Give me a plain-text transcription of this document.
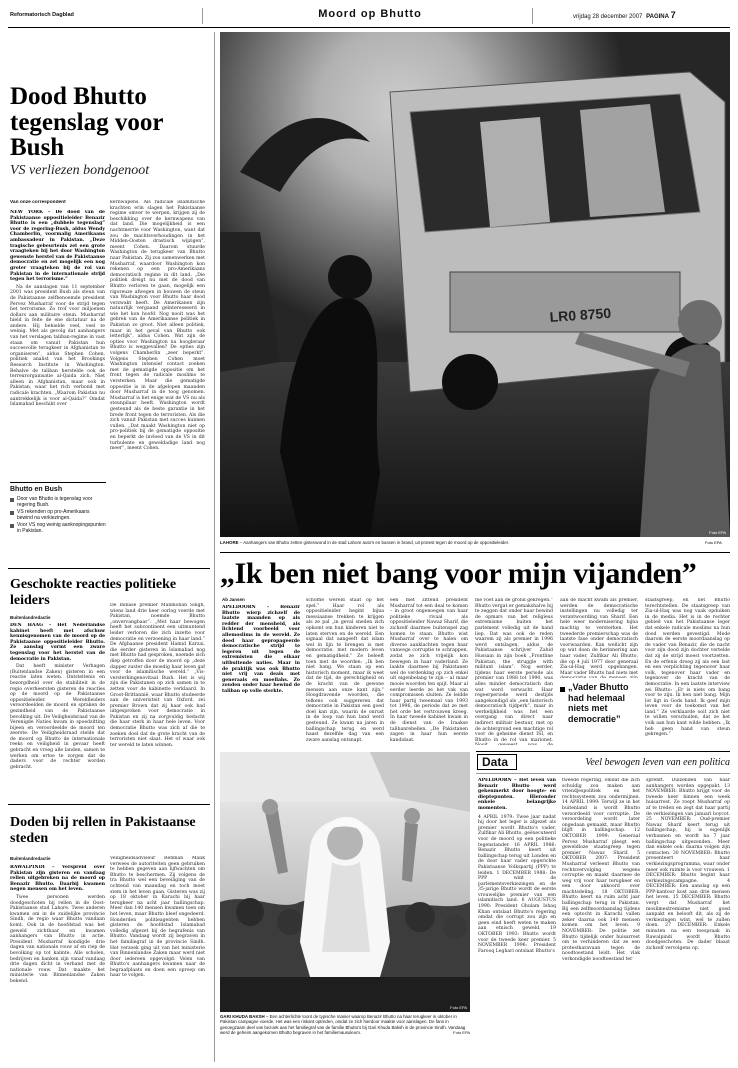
Reformatorisch Dagblad	Moord op Bhutto	vrijdag 28 december 2007 PAGINA 7
Dood Bhutto tegenslag voor Bush
VS verliezen bondgenoot
Van onze correspondent
NEW YORK – De dood van de Pakistaanse oppositieleider Benazir Bhutto is een „dubbele tegenslag” voor de regering-Bush, aldus Wendy Chamberlin, voormalig Amerikaans ambassadeur in Pakistan. „Deze tragische gebeurtenis zet een grote vraagteken bij het door Washington gewenste herstel van de Pakistaanse democratie en zet mogelijk een nog groter vraagteken bij de rol van Pakistan in de internationale strijd tegen het terrorisme.”
Na de aanslagen van 11 september 2001 was president Bush als steun van de Pakistaanse zelfbenoemde president Pervez Musharraf voor de strijd tegen het terrorisme. Zo trof voor miljoenen dollars aan militaire steun. Musharraf hield in feite de ene dictatuur na de andere. Hij behielde veel, veel te weinig. Met als gevolg dat aanhangers van het verslagen taliban-regime in vast staan om vanuit Pakistan hun succesvolle terugkeer in Afghanistan te organiseren”, aldus Stephen Cohen, politiek analist van het Brookings Research Institute in Washington. Behalve de taliban herstelde ook de terreurorganisatie al-Qaida zich. Niet alleen in Afghanistan, maar ook in Pakistan, waar het rich verbond met radicale krachten. „Waarom Pakistan nu aantrekkelijk is voor al-Qaida?” Omdat Islamabad beschikt over
kernwapens. Als radicale islamitische krachten erin slagen het Pakistaanse regime omver te werpen, krijgen zij de beschikking over de kernwapens van dat land. Die mogelijkheid is een nachtmerrie voor Washington, want dat zou de machtsverhoudingen in het Midden-Oosten drastisch wijzigen”, meent Cohen. Daarom stuurde Washington de terugkeer van Bhutto naar Pakistan. Zij zou samenwerken met Musharraf, waardoor Washington kon rekenen op een pro-Amerikaans democratisch regime in dit land. „Die politiek dreigt nu met de dood van Bhutto verloren te gaan, mogelijk een rigoreuze afwegen in bouwen de steun van Washington voor Bhutto haar dood verzwakt heeft. De Amerikanen zijn natuurlijk vergaand geïnteresseerd in wie het kon hoofd. Nog nooit was het gebrek van de Amerikaanse politiek in Pakistan zo groot. Niet alleen politiek, maar in het geval van Bhutto ook letterlijk”, aldus Cohen. Wat zijn de opties voor Washington nu hoogleraar Bhutto is weggevallen? De opties zijn volgens Chamberlin „zeer beperkt”. Volgens Stephen Cohen moet Washington intensief contact zoeken met de gematigde oppositie om het front tegen de radicale moslims te versterken. Maar die gematigde oppositie is in de afgelopen maanden door Musharraf in de toog genomen. Musharraf is het enige wat de VS nu als steunpilaar heeft. Washington wordt gesteund als de beste garantie in het brede front tegen de terroristen. Als die zich vanuit Pakistan met succes kunnen vullen. „Dat maakt Washington niet op pro-politiek bij de gematigde oppositie en beperkt de invloed van de VS in dit turbulente en geweldadige land nog meer”, meent Cohen.
LR0 8750
Foto EPA
LAHORE – Aanhangers van Bhutto zetten gisteravond in de stad Lahore auto's en bussen in brand, uit protest tegen de moord op de oppositieleider.	Foto EPA
Bhutto en Bush
Door van Bhutto is tegenslag voor regering Bush.
VS rekenden op pro-Amerikaans bewind na verkiezingen.
Voor VS nog weinig aanknopingspunten in Pakistan.
Geschokte reacties politieke leiders
Buitenlandredactie
DEN HAAG – Het Nederlandse kabinet heeft met afschuw kennisgenomen van de moord op de Pakistaanse oppositieleider Bhutto. Ze aanslag vormt een zware tegenslag voor het herstel van de democratie in Pakistan.
Dat heeft minister Verhagen (Buitenlandse Zaken) gisteren in een reactie laten weten. Ontsteltenis en bezorgdheid over de stabiliteit in de regio overheersten gisteren de reacties op de moord op de Pakistaanse oppositieleider. Wereldleiders veroordeelden de moord en spraken de gezindheid van de Pakistaanse bevolking uit. De Veiligheidsraad van de Verenigde Naties kwam in spoedzitting bijeen en veroordeelde de moord ten zeerste. De Veiligheidsraad stelde dat de moord op Bhutto de internationale reeks en veiligheid in gevaar heeft gebracht en vroeg alle landen, samen te werken om ertoe te zorgen dat de daders voor de rechter worden gebracht.
De Indiase premier Manmohan Singh, wiens land drie keer oorlog voerde met Pakistan, noemde Bhutto „onvervangbaar”. „Met haar bewogen heeft het subcontinent een uitmuntend leider verloren die zich inzette voor democratie en verzoening in haar land.” De Afghaanse president Hamid Karzai, die eerder gisteren in Islamabad nog met Bhutto had gesproken, noemde zich diep getroffen door de moord op „deze dapper zuster die moedig haar leven gaf voor de islamitische wereld.” „Vis-versterkingenovitaal Bush. Het is wij zijn die Pakistanen op zich samen in te zetten voor de kabinette verklaard. In Groot-Brittannië, waar Bhutto studeerde aan de universiteit van Oxford, zei premier Brown dat zij haar ook had uitgesproken voor democratie in Pakistan en zij na zorgvuldig bedacht die haar sterk in haar hele leven. Voor democratie Bhutto was zich af die te zoeken doel dat de grote kracht van de terroristen niet slaat. Het of waar ook ter wereld te laten winnen.
Doden bij rellen in Pakistaanse steden
Buitenlandredactie
RAWALPINDI – Verspreid over Pakistan zijn gisteren en vandaag rellen uitgebroken na de moord op Benazir Bhutto. Daarbij kwamen negen mensen om het leven.
Twee personen werden doodgeschoten bij rellen in de Oost-Pakistaanse stad Lahore. Twee anderen kwamen om in de zuidelijke provincie Sindh, de regio waar Bhutto vandaan komt. Ook in de hoofdstad was het geweld zichtbaar en kwamen aanhangers van Bhutto in actie. President Musharraf kondigde drie dagen van nationale rouw af en riep de bevolking op tot kalmte. Alle scholen, bedrijven en banken zijn vanaf vandaag drie dagen dicht in verband met de nationale rouw. Dat maakte het ministerie van Binnenlandse Zaken bekend.
Veiligheidsadviseur Rehman Malik verwees de autoriteiten geen gebruiken te hebben gegeven aan lijfwachten om Bhutto te beschermen. Zij volgens de tra Bhutto wel een beveiliging van de ochtend van maandag en toch moet stem in het leven gaan. Gisteren was zij op 18 oktober in Karachi bij haar terugkeer na acht jaar ballingschap. Meer dan 140 mensen kwamen toen om het leven, maar Bhutto bleef ongedeerd. Honderden politieagenten hebben gisteren de hoofdstad Islamabad volledig afgezet bij de begrafenis van Bhutto. Vandaag wordt zij begraven in het familiegraf in de provincie Sindh. Het verzoek ging uit van het ministerie van Binnenlandse Zaken maar werd niet door iedereen opgevolgd. Velen van Bhutto's aanhangers kwamen naar de begraafplaats en doen een oproep om haar te volgen.
„Ik ben niet bang voor mijn vijanden”
Ab Jansen
APELDOORN – Benazir Bhutto wierp zichzelf de laatste maanden op als redder der mensheid, als lichtend voorbeeld voor allemoslims in de wereld. Ze deed haar gepropageerde democratische strijd te legeren uit tegen de extremisten die elkaar uitbuitende naties. Maar in de praktijk was ook Bhutto niet vrij van deals met generaals en moellahs. Zo zouden onder haar bewind de taliban op volle sterkte.
schoffle wereld staat op het spel.” Haar rol als oppositieleider begint bijna messiaanse trekken te krijgen als ze pal „in geval sneden zich opkomt om hun kinderen niet te laten sterven en de wereld. Een signaal dat aangeeft dat islam wel in lijn te brengen is met democratie, met modern leven en gematigdheid.” Ze beleeft toen met de woorden: „Ik ben niet bang. We staan op een historisch moment, maar ik weet dat de tijd, de gerechtigheid en de kracht van de gewone mensen aan onze kant zijn.” Hoogdravende woorden, die telkens ook suggereren dat democratie in Pakistan een goed doel kan zijn, waarin de onrust in de loop van hun land werd gesteund. Ze kwam na jaren in ballingschap terug en werd haast dezelfde dag van een zware aanslag ontsnapt.
een met zittend president Musharraf tot een deal te komen – in groot ongenoegen van haar politieke rivaal als oppositieleider Nawaz Sharif, die zichzelf daarmee buitenspel zag komen te staan. Bhutto wist Musharraf over te halen om diverse aanklachten tegen haar vanwege corruptie te schrappen, zodat ze zich vrijelijk kon bewegen in haar vaderland. Ze laakte daarmee bij Pakistanen wel de verdenking op zich enkel uit eigenbelang te zijn – al maar mooie woorden ten spijt. Maar al eerder leerde ze het vak van compromissen sluiten. Ze leidde haar partij tweemaal van 1993 tot 1996, de periode dat ze met het orde het vertrouwen kreeg. In haar tweede kabinet kwam in de dienst van de Iraakse talibanrebellen. „De Pakistanen zagen in haar hun eerste kandidaat.
me voet aan de grond gekregen.” Bhutto vergat er gemakshalve bij te zeggen dat onder haar bewind de opmars van het religieus extremisme buiten het parlement volledig uit de hand liep. Dat was ook de reden waarom zij als premier in 1996 werd ontslagen, aldus de Pakistaanse schrijver Zahid Hussain in zijn boek „Frontline Pakistan, the struggle with militant islam”. Nog eerder, tijdens haar eerste periode als premier van 1988 tot 1990, was alles minder democratisch dan wat werd verwacht. Haar regeerperiode werd destijds aangekondigd als „een historisch democratisch tijdperk”, maar in werkelijkheid was het een overgang van direct naar indirect militair bestuur, met op de achtergrond een machtige rol voor de geheime dienst ISI, en Bhutto in de rol van marionet.
aan de macht kwam als premier, werden de democratische instellingen nu volledig ter verantwoording van Sharif. Een hele weer modernisering bijna machtig te versterken. Het tweederde premierschap was de laatste fase onder democratisch voorwaarden. Kan wellicht zijn op wat doen de herinnering aan haar vader, Zulfikar Ali Bhutto, die op 4 juli 1977 door generaal Zia-ul-Haq werd opgehangen. Maar vader Bhutto had niets met
staatsgreep, en liet Bhutto terechtstellen. De staatsgreep van Zia-ul-Haq was nog vaak opduiken in de media. Het is in de rechter gebied van het Pakistaanse leger dat enkele radicale moslims na hun dood werden gevestigd. Mede daarom de eerste moordaanslag op de vader van Benazir, die de nacht voor zijn dood zijn dochter vertelde dat zij de strijd moest voortzetten. En de erfenis droeg zij als een last en een verplichting tegenover haar volk, tegenover haar vader en tegenover de kracht van de democratie. In een laatste interview zei Bhutto: „Er is niets om bang voor te zijn. Ik ben niet bang. Mijn lot ligt in Gods hand. Ik geef mijn leven voor de toekomst van het land.” Ze verklaarde ooit zich niet te willen verschuilen, dat ze het volk aan hun kant wilde hebben. „Ik heb geen hand van steun gekregen.”
„Vader Bhutto had helemaal niets met democratie”
Foto EPA
GARI KHUDA BAKSH – Een achterlichte toont de typische manier waarop Benazir Bhutto na haar terugkeer in oktober in Pakistan campagne voerde. Het was een riskant optreden, omdat ze zich hierdoor maakte voor aanslagen. De fans in genoegzaam deel van bezoek aan het familiegraf van de familie Bhutto's bij Gari Khuda Baksh in de provincie Sindh. Vandaag werd de geheim aangekomen Bhutto begraven in het familiemausoleum.	Foto EPA
Data	Veel bewogen leven van een politica
APELDOORN – Het leven van Benazir Bhutto werd gekenmerkt door hoogte- en dieptepunten. Hieronder enkele belangrijke momenten.
4 APRIL 1979: Twee jaar nadat hij door het leger is afgezet als premier wordt Bhutto's vader, Zulfikar Ali Bhutto, geëxecuteerd voor de moord op een politieke tegenstander. 16 APRIL 1986: Benazir Bhutto keert uit ballingschap terug uit Londen en de door haar vader opgerichte Pakistaanse Volkspartij (PPP) te leiden. 1 DECEMBER 1988: De PPP wint de parlementsverkiezingen en de 35-jarige Bhutto wordt de eerste vrouwelijke premier van een islamitisch land. 6 AUGUSTUS 1990: President Ghulam Ishaq Khan ontslaat Bhutto's regering omdat die corrupt zou zijn en geen eind heeft weten te maken aan etnisch geweld. 19 OKTOBER 1993: Bhutto wordt voor de tweede keer premier. 5 NOVEMBER 1996: President Farooq Leghari ontslaat Bhutto's
tweede regering, omdat die zich schuldig zou maken aan vriendjespolitiek en het rechtssysteem zou ondermijnen. 14 APRIL 1999: Terwijl ze in het buitenland is wordt Bhutto veroordeeld voor corruptie. De veroordeling wordt later ongedaan gemaakt, maar Bhutto blijft in ballingschap. 12 OKTOBER 1999: Generaal Pervez Musharraf pleegt een geweldloze staatsgreep tegen premier Nawaz Sharif. 5 OKTOBER 2007: President Musharraf verleent Bhutto van rechtsvervolging wegens corruptie en maakt daarmee de weg vrij voor haar terugkeer en een door akkoord over machtsdeling. 18 OKTOBER: Bhutto keert na ruim acht jaar ballingschap terug in Pakistan. Bij een zelfmoordaanslag tijdens een optocht in Karachi vallen zeker daarna ook 140 mensen komen om het leven. 9 NOVEMBER: De politie zet Bhutto tijdelijk onder huisarrest om te verhinderen dat ze een protestkaravaan tegen de noodtoestand leidt. Het vlak verkondigde noodtoestand ter
sprenft. Duizenden van haar aanhangers worden opgepakt. 13 NOVEMBER: Bhutto krijgt voor de tweede keer binnen een week huisarrest. Ze roept Musharraf op af te treden en zegt dat haar partij de verkiezingen van januari boycot. 25 NOVEMBER: Oud-premier Nawaz Sharif keert terug uit ballingschap, hij is eigenlijk verbannen en wordt na 7 jaar ballingschap uitgezonden. Meer dan enkele ook: daarna volgen zijn contacten. 30 NOVEMBER: Bhutto presenteert haar verkiezingsprogramma, waar onder meer ook ruimte is voor vrouwen. 1 DECEMBER: Bhutto begint haar verkiezingscampagne. 4 DECEMBER: Een aanslag op een PPP-kantoor kost aan drie mensen het leven. 15 DECEMBER: Bhutto vergt dat Musharraf het moslimextremisme niet goed aanpakt en belooft dit, als zij de verkiezingen wint, wel te zullen doen. 27 DECEMBER: Enkele minuten na een toespraak in Rawalpindi wordt Bhutto doodgeschoten. De dader blaast zichzelf vervolgens op.
